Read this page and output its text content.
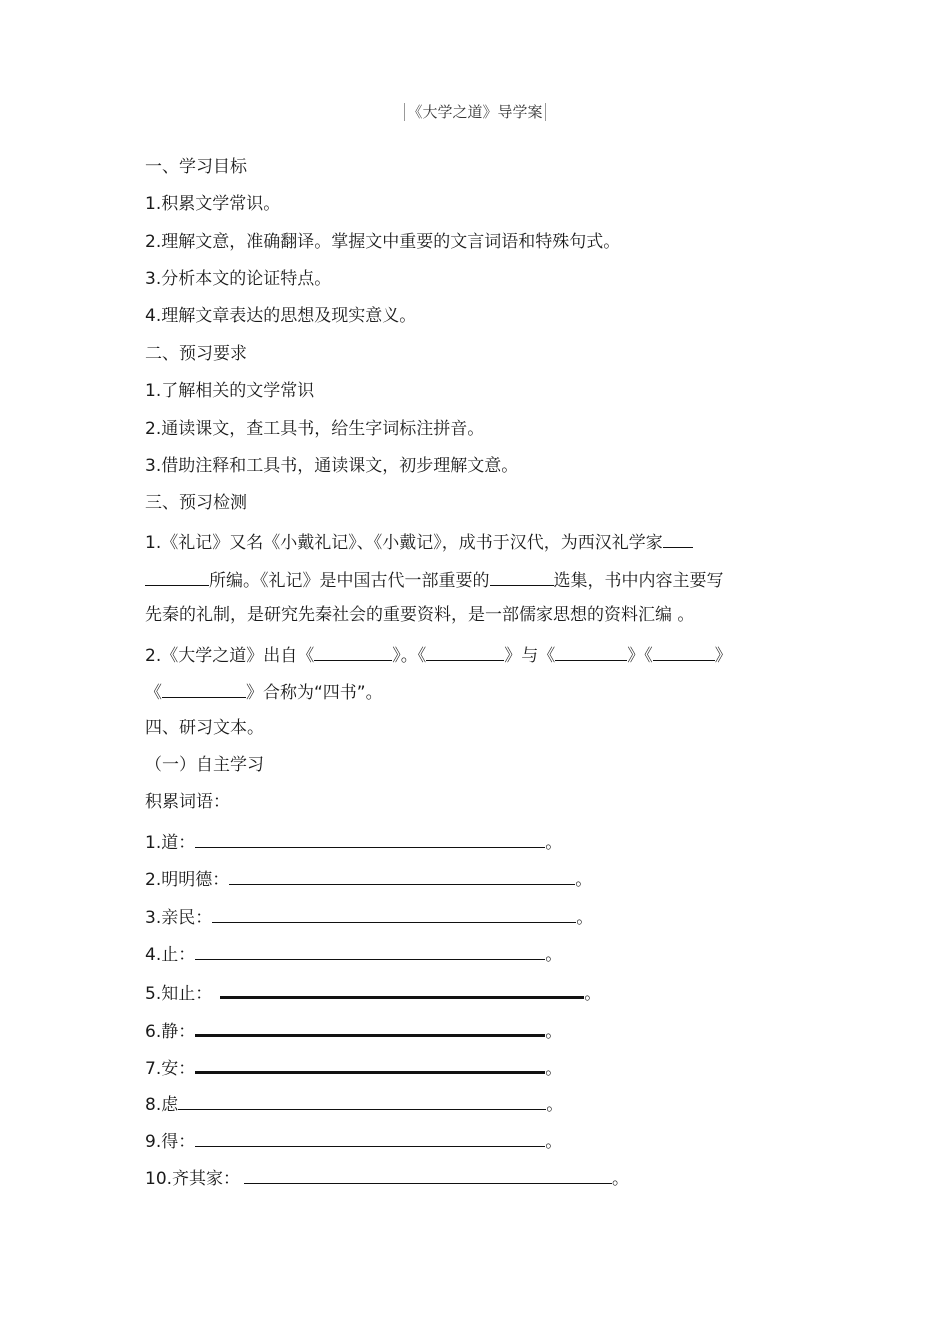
《大学之道》导学案
一、学习目标
1.积累文学常识。
2.理解文意，准确翻译。掌握文中重要的文言词语和特殊句式。
3.分析本文的论证特点。
4.理解文章表达的思想及现实意义。
二、预习要求
1.了解相关的文学常识
2.通读课文，查工具书，给生字词标注拼音。
3.借助注释和工具书，通读课文，初步理解文意。
三、预习检测
1.《礼记》又名《小戴礼记》、《小戴记》，成书于汉代，为西汉礼学家
所编。《礼记》是中国古代一部重要的	选集，书中内容主要写
先秦的礼制，是研究先秦社会的重要资料，是一部儒家思想的资料汇编 。
2.《大学之道》出自《	》。《	》与《	》《	》
《	》合称为“四书”。
四、研习文本。
（一）自主学习
积累词语：
1.道：	。
2.明明德：	。
3.亲民：	。
4.止：	。
5.知止：	。
6.静：	。
7.安：	。
8.虑	。
9.得：	。
10.齐其家：	。
